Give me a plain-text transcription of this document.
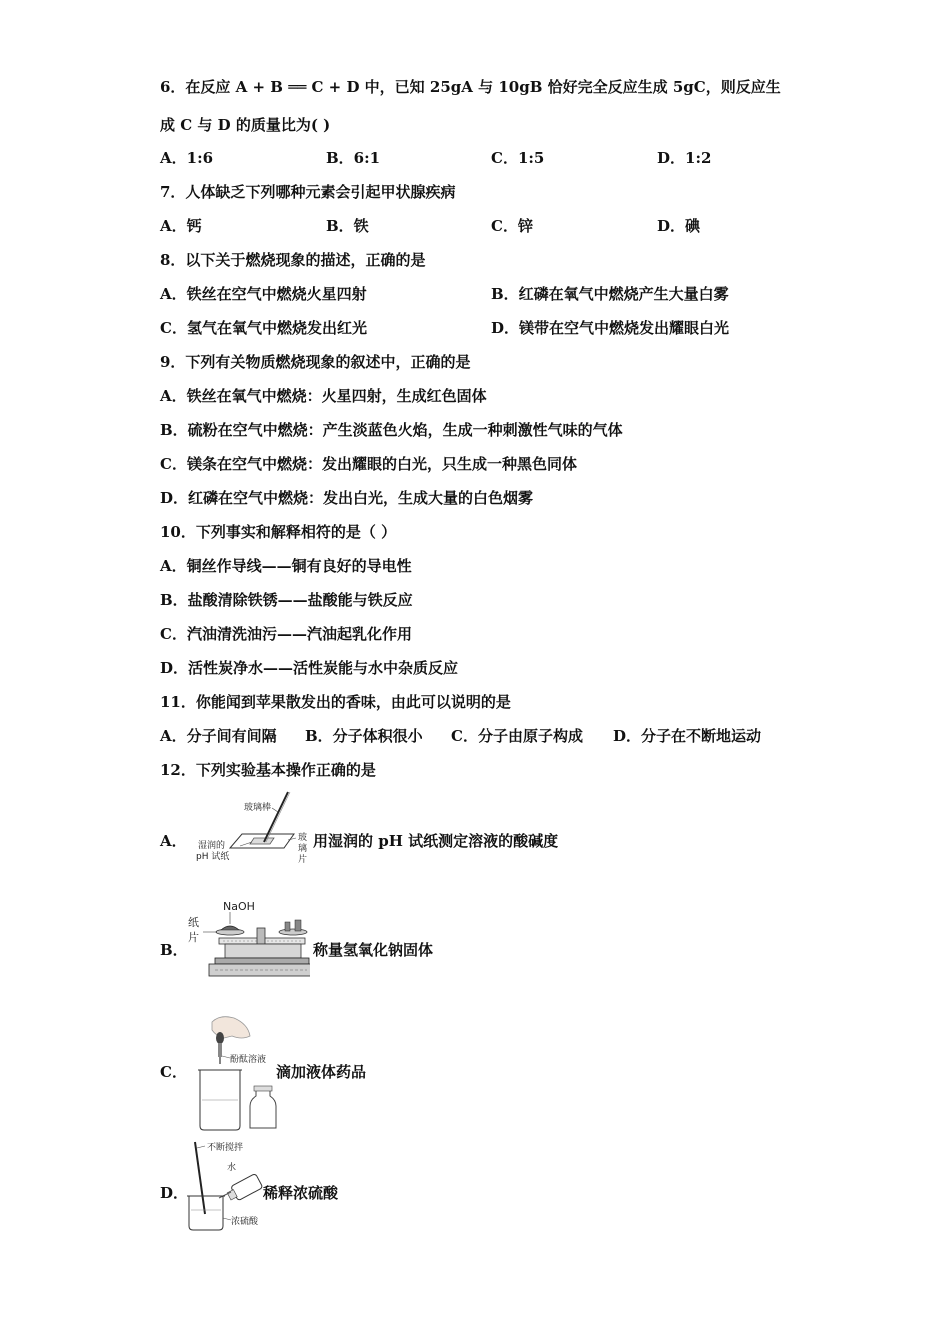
6．在反应 A + B ══ C + D 中，已知 25gA 与 10gB 恰好完全反应生成 5gC，则反应生
成 C 与 D 的质量比为( )
A．1:6	B．6:1	C．1:5	D．1:2
7．人体缺乏下列哪种元素会引起甲状腺疾病
A．钙	B．铁	C．锌	D．碘
8．以下关于燃烧现象的描述，正确的是
A．铁丝在空气中燃烧火星四射	B．红磷在氧气中燃烧产生大量白雾
C．氢气在氧气中燃烧发出红光	D．镁带在空气中燃烧发出耀眼白光
9．下列有关物质燃烧现象的叙述中，正确的是
A．铁丝在氧气中燃烧：火星四射，生成红色固体
B．硫粉在空气中燃烧：产生淡蓝色火焰，生成一种刺激性气味的气体
C．镁条在空气中燃烧：发出耀眼的白光，只生成一种黑色同体
D．红磷在空气中燃烧：发出白光，生成大量的白色烟雾
10．下列事实和解释相符的是（ ）
A．铜丝作导线——铜有良好的导电性
B．盐酸清除铁锈——盐酸能与铁反应
C．汽油清洗油污——汽油起乳化作用
D．活性炭净水——活性炭能与水中杂质反应
11．你能闻到苹果散发出的香味，由此可以说明的是
A．分子间有间隔 B．分子体积很小 C．分子由原子构成 D．分子在不断地运动
12．下列实验基本操作正确的是
A．
玻璃棒
湿润的
pH 试纸
玻
璃
片
用湿润的 pH 试纸测定溶液的酸碱度
B．
NaOH
纸
片
称量氢氧化钠固体
C．
酚酞溶液
滴加液体药品
D．
不断搅拌
水
浓硫酸
稀释浓硫酸
